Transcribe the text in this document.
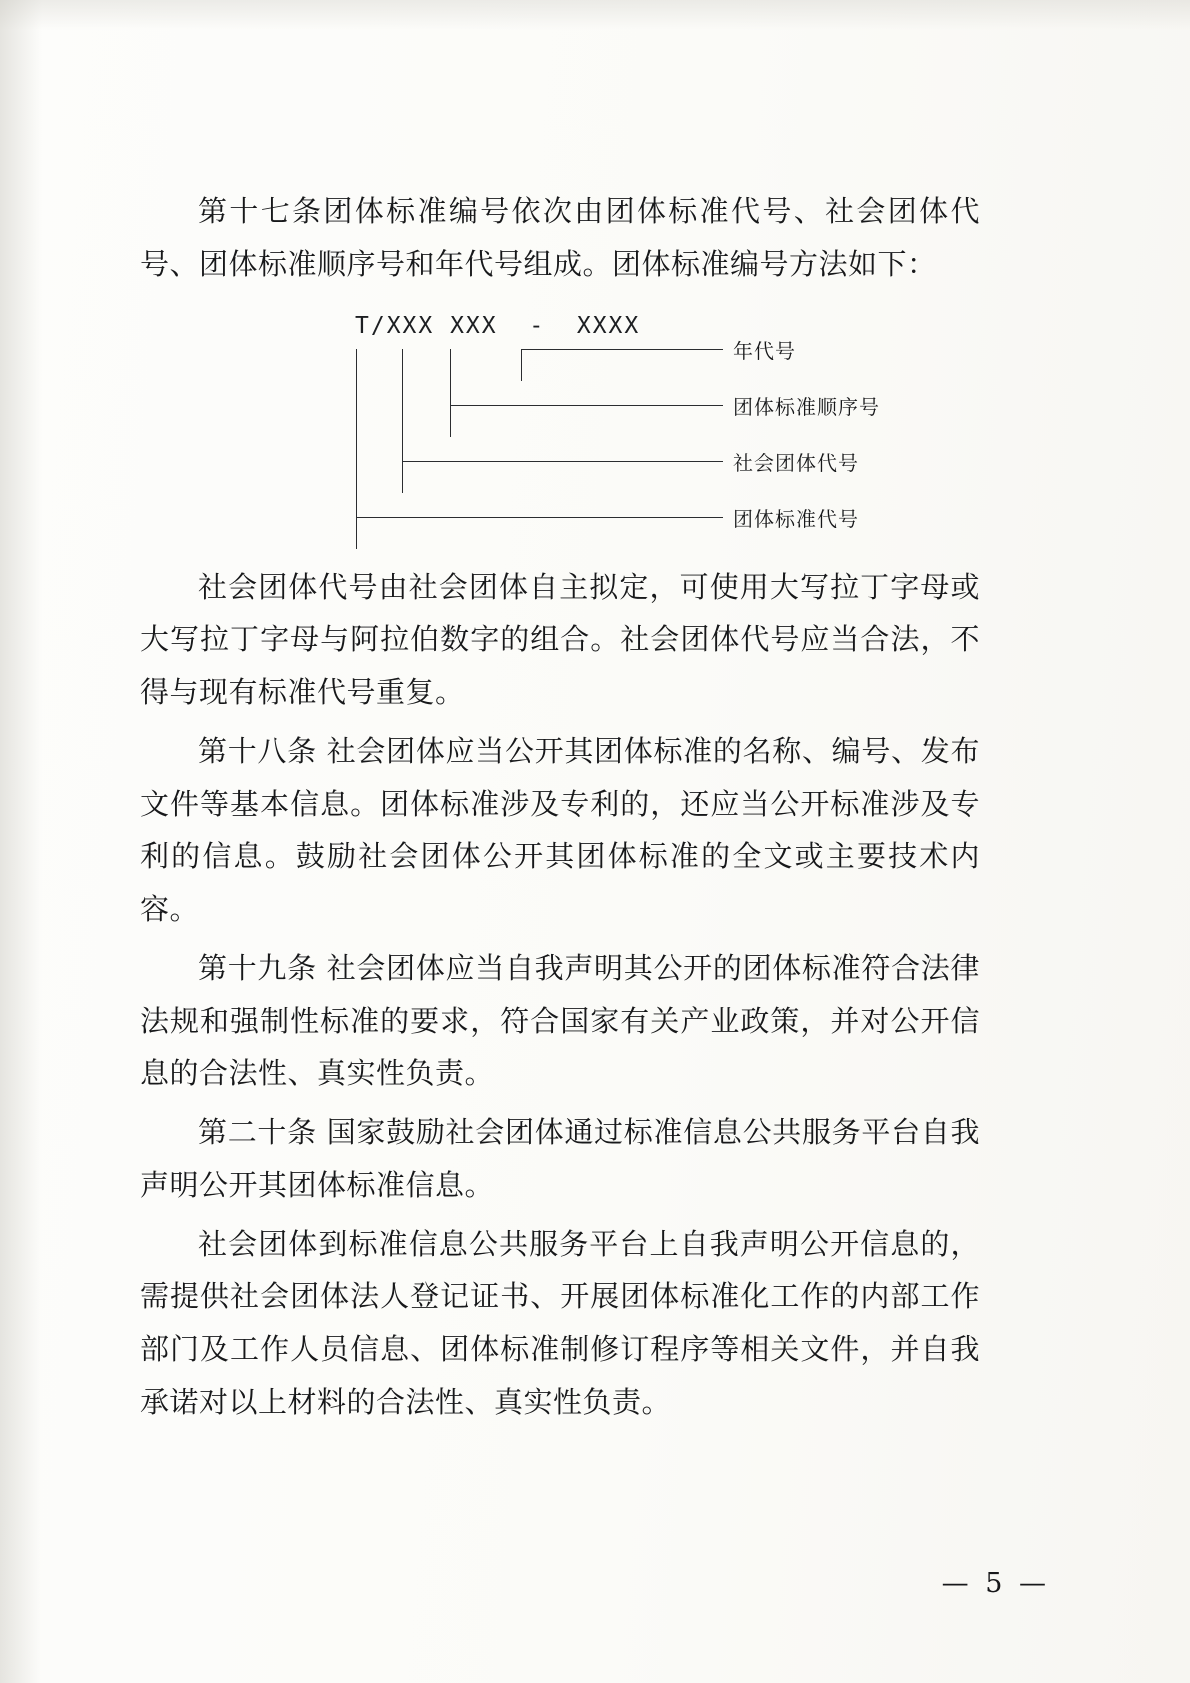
第十七条团体标准编号依次由团体标准代号、社会团体代号、团体标准顺序号和年代号组成。团体标准编号方法如下：

T/XXX XXX  -  XXXX
年代号
团体标准顺序号
社会团体代号
团体标准代号

社会团体代号由社会团体自主拟定，可使用大写拉丁字母或大写拉丁字母与阿拉伯数字的组合。社会团体代号应当合法，不得与现有标准代号重复。

第十八条 社会团体应当公开其团体标准的名称、编号、发布文件等基本信息。团体标准涉及专利的，还应当公开标准涉及专利的信息。鼓励社会团体公开其团体标准的全文或主要技术内容。

第十九条 社会团体应当自我声明其公开的团体标准符合法律法规和强制性标准的要求，符合国家有关产业政策，并对公开信息的合法性、真实性负责。

第二十条 国家鼓励社会团体通过标准信息公共服务平台自我声明公开其团体标准信息。

社会团体到标准信息公共服务平台上自我声明公开信息的，需提供社会团体法人登记证书、开展团体标准化工作的内部工作部门及工作人员信息、团体标准制修订程序等相关文件，并自我承诺对以上材料的合法性、真实性负责。

— 5 —
